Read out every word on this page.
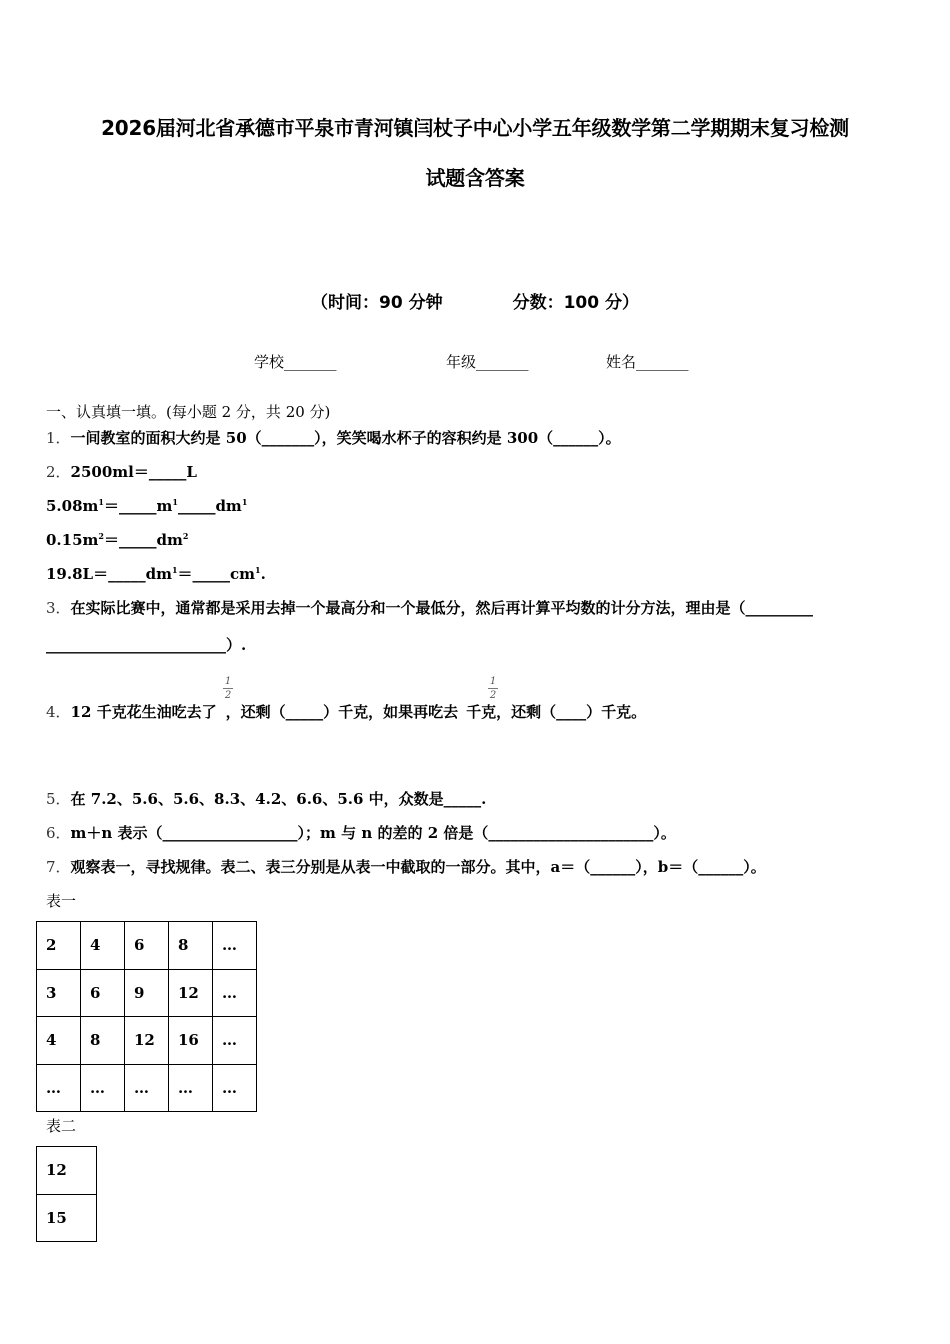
2026届河北省承德市平泉市青河镇闫杖子中心小学五年级数学第二学期期末复习检测
试题含答案
（时间：90 分钟	分数：100 分）
学校_______	年级_______	姓名_______
一、认真填一填。(每小题 2 分，共 20 分)
1．一间教室的面积大约是 50（_______），笑笑喝水杯子的容积约是 300（______）。
2．2500ml＝_____L
$5.08m^1=\_\_\_\_\_m^1\_\_\_\_\_dm^1$
$0.15m^2=\_\_\_\_\_dm^2$
$19.8L=\_\_\_\_\_dm^1=\_\_\_\_\_cm^1$.
3．在实际比赛中，通常都是采用去掉一个最高分和一个最低分，然后再计算平均数的计分方法，理由是（_________
________________________）.
1
2
1
2
4．12 千克花生油吃去了 ，还剩（_____）千克，如果再吃去 千克，还剩（____）千克。
5．在 7.2、5.6、5.6、8.3、4.2、6.6、5.6 中，众数是_____.
6．m＋n 表示（__________________）；m 与 n 的差的 2 倍是（______________________）。
7．观察表一，寻找规律。表二、表三分别是从表一中截取的一部分。其中，a＝（______），b＝（______）。
表一
2	4	6	8	…
3	6	9	12	…
4	8	12	16	…
…	…	…	…	…
表二
12
15
